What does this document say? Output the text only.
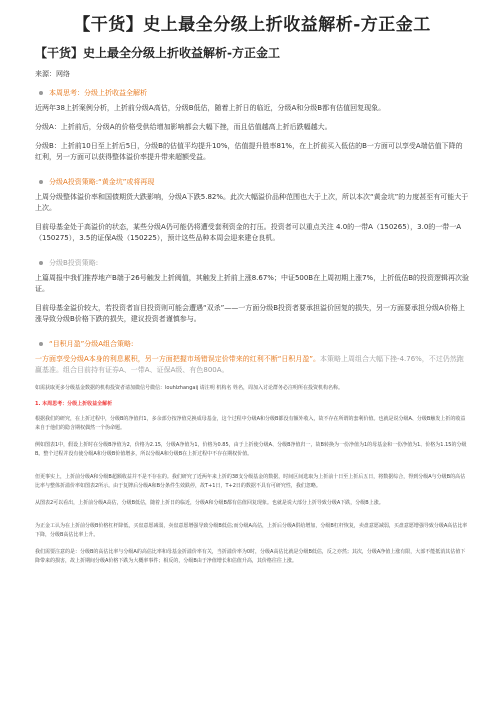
【干货】史上最全分级上折收益解析-方正金工
【干货】史上最全分级上折收益解析-方正金工
来源：网络
本周思考：分级上折收益全解析
近两年38上折案例分析，上折前分级A高估，分级B低估，随着上折日的临近，分级A和分级B都有估值回复现象。
分级A：上折前后，分级A的价格受供给增加影响都会大幅下挫，而且估值越高上折后跌幅越大。
分级B：上折前10日至上折后5日，分级B的估值平均提升10%，估值提升胜率81%，在上折前买入低估的B一方面可以享受A端估值下降的红利，另一方面可以获得整体溢价率提升带来超额受益。
分级A投资策略:“黄金坑”或将再现
上周分级整体溢价率和国债期货大跌影响，分级A下跌5.82%。此次大幅溢价品种范围也大于上次，所以本次“黄金坑”的力度甚至有可能大于上次。
目前母基金处于高溢价的状态，某些分级A仍可能仍将遭受套利资金的打压。投资者可以重点关注 4.0的一带A（150265），3.0的一带一A（150275），3.5的证保A级（150225），预计这些品种本周会迎来建仓良机。
分级B投资策略:
上篇周报中我们推荐地产B端于26号触发上折阀值，其触发上折前上涨8.67%；中证500B在上周初期上涨7%，上折低估B的投资逻辑再次验证。
目前母基金溢价较大，若投资者盲目投资则可能会遭遇“双杀”——一方面分级B投资者要承担溢价回复的损失，另一方面要承担分级A价格上涨导致分级B价格下跌的损失，建议投资者谨慎参与。
“目积月盈”分级A组合策略:
一方面享受分级A本身的利息累积，另一方面把握市场错误定价带来的红利不断“日积月盈”。本策略上周组合大幅下挫-4.76%，不过仍然跑赢基准。组合目前持有证券A、一带A、证保A级、有色800A。
如需获取更多分级基金数据的机构投资者请加微信号微信：louhlzhangaij 请注明 机构名 姓名，周加入讨论群务必注明所在投资机构名称。
1. 本周思考：分级上折收益全解析
根据我们的研究，在上折过程中，分级B的净值归1，多余部分按净值兑换成母基金，这个过程中分级A和分级B都没有额外收入，故不存在所谓的套利价值。也就是说分级A、分级B触发上折的收益来自于他们的隐含期权偶然一个伪命题。
例如图表1中，假设上折时在分级B净值为2，价格为2.15，分级A净值为1，价格为0.85，由于上折使分级A、分级B净值归一，故B转换为一份净值为1的母基金和一份净值为1、价格为1.15的分级B。整个过程并没有使分级A和分级B价值增多，所以分级A和分级B在上折过程中不存在期权价值。
但更事实上，上折前分级A和分级B超额收益并不是不存在的。我们研究了近两年来上折的38支分级基金的数据，时间区间选取为上折前十日至上折后五日，将数据综合，得到分级A与分级B的高估比率与整体折溢价率如图表2所示。由于复牌后分级A和B分条件生效跌停，故T+1日，T+2日的数据不具有可研究性，我们忽略。
从图表2可以看出，上折前分级A高估，分级B低估，随着上折日的临近，分级A和分级B都有估值回复现象。也就是说大部分上折导致分级A下跌，分级B上涨。
为正金工认为在上折前分级B价格杠杆降低，买盘意愿减弱，卖盘意愿增强导致分级B低估;而分级A高估，上折后分级A供给增加，分级B杠杆恢复，卖盘意愿减弱，买盘意愿增强导致分级A高估比率下降，分级B高估比率上升。
我们需要注意的是：分级B的高估比率与分级A的高估比率和母基金折溢价率有关，当折溢价率为0时，分级A高估比就是分级B低估，反之亦然；其次，分级A净值上涨有限，大部不能抵消其估值下降带来的损害，故上折期间分级A价格下跌为大概率事件；相反的，分级B由于净值增长和估值升高，其价格往往上涨。
